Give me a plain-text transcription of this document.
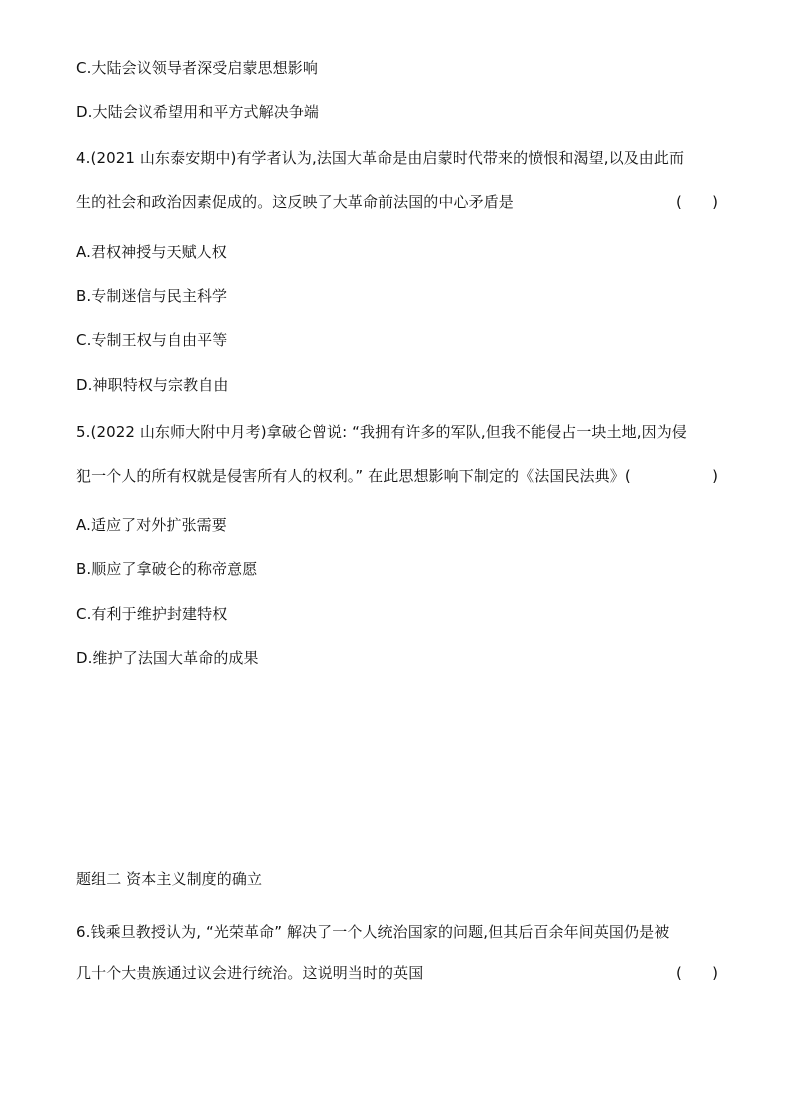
C.大陆会议领导者深受启蒙思想影响
D.大陆会议希望用和平方式解决争端
4.(2021 山东泰安期中)有学者认为,法国大革命是由启蒙时代带来的愤恨和渴望,以及由此而
生的社会和政治因素促成的。这反映了大革命前法国的中心矛盾是	( )
A.君权神授与天赋人权
B.专制迷信与民主科学
C.专制王权与自由平等
D.神职特权与宗教自由
5.(2022 山东师大附中月考)拿破仑曾说: “我拥有许多的军队,但我不能侵占一块土地,因为侵
犯一个人的所有权就是侵害所有人的权利。” 在此思想影响下制定的《法国民法典》(	)
A.适应了对外扩张需要
B.顺应了拿破仑的称帝意愿
C.有利于维护封建特权
D.维护了法国大革命的成果
题组二 资本主义制度的确立
6.钱乘旦教授认为, “光荣革命” 解决了一个人统治国家的问题,但其后百余年间英国仍是被
几十个大贵族通过议会进行统治。这说明当时的英国	( )
